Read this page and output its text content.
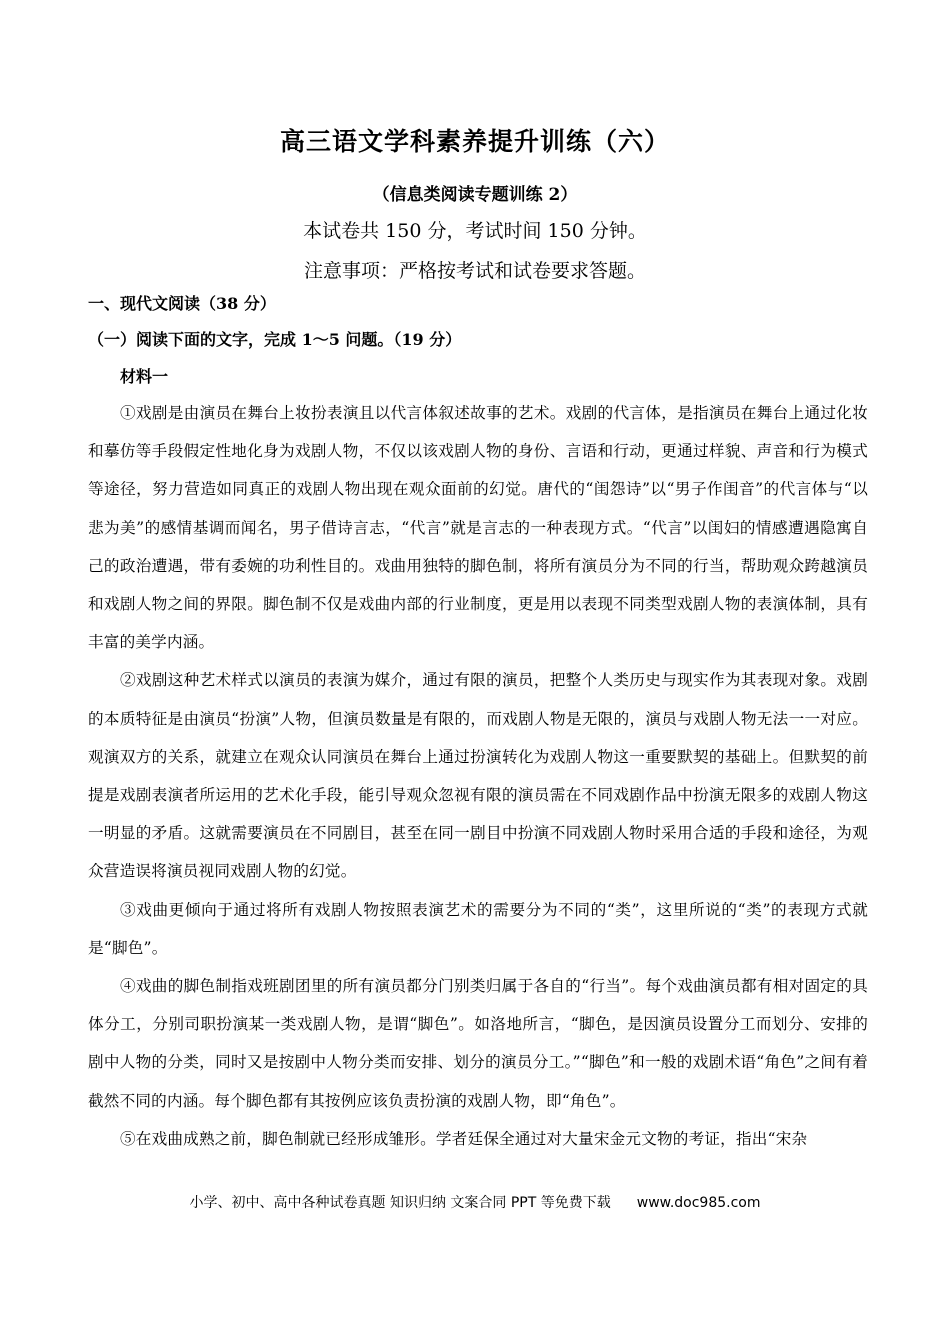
高三语文学科素养提升训练（六）
（信息类阅读专题训练 2）
本试卷共 150 分，考试时间 150 分钟。
注意事项：严格按考试和试卷要求答题。
一、现代文阅读（38 分）
（一）阅读下面的文字，完成 1～5 问题。（19 分）
材料一

①戏剧是由演员在舞台上妆扮表演且以代言体叙述故事的艺术。戏剧的代言体，是指演员在舞台上通过化妆和摹仿等手段假定性地化身为戏剧人物，不仅以该戏剧人物的身份、言语和行动，更通过样貌、声音和行为模式等途径，努力营造如同真正的戏剧人物出现在观众面前的幻觉。唐代的“闺怨诗”以“男子作闺音”的代言体与“以悲为美”的感情基调而闻名，男子借诗言志，“代言”就是言志的一种表现方式。“代言”以闺妇的情感遭遇隐寓自己的政治遭遇，带有委婉的功利性目的。戏曲用独特的脚色制，将所有演员分为不同的行当，帮助观众跨越演员和戏剧人物之间的界限。脚色制不仅是戏曲内部的行业制度，更是用以表现不同类型戏剧人物的表演体制，具有丰富的美学内涵。

②戏剧这种艺术样式以演员的表演为媒介，通过有限的演员，把整个人类历史与现实作为其表现对象。戏剧的本质特征是由演员“扮演”人物，但演员数量是有限的，而戏剧人物是无限的，演员与戏剧人物无法一一对应。观演双方的关系，就建立在观众认同演员在舞台上通过扮演转化为戏剧人物这一重要默契的基础上。但默契的前提是戏剧表演者所运用的艺术化手段，能引导观众忽视有限的演员需在不同戏剧作品中扮演无限多的戏剧人物这一明显的矛盾。这就需要演员在不同剧目，甚至在同一剧目中扮演不同戏剧人物时采用合适的手段和途径，为观众营造误将演员视同戏剧人物的幻觉。

③戏曲更倾向于通过将所有戏剧人物按照表演艺术的需要分为不同的“类”，这里所说的“类”的表现方式就是“脚色”。

④戏曲的脚色制指戏班剧团里的所有演员都分门别类归属于各自的“行当”。每个戏曲演员都有相对固定的具体分工，分别司职扮演某一类戏剧人物，是谓“脚色”。如洛地所言，“脚色，是因演员设置分工而划分、安排的剧中人物的分类，同时又是按剧中人物分类而安排、划分的演员分工。”“脚色”和一般的戏剧术语“角色”之间有着截然不同的内涵。每个脚色都有其按例应该负责扮演的戏剧人物，即“角色”。

⑤在戏曲成熟之前，脚色制就已经形成雏形。学者廷保全通过对大量宋金元文物的考证，指出“宋杂

小学、初中、高中各种试卷真题 知识归纳 文案合同 PPT 等免费下载 www.doc985.com
